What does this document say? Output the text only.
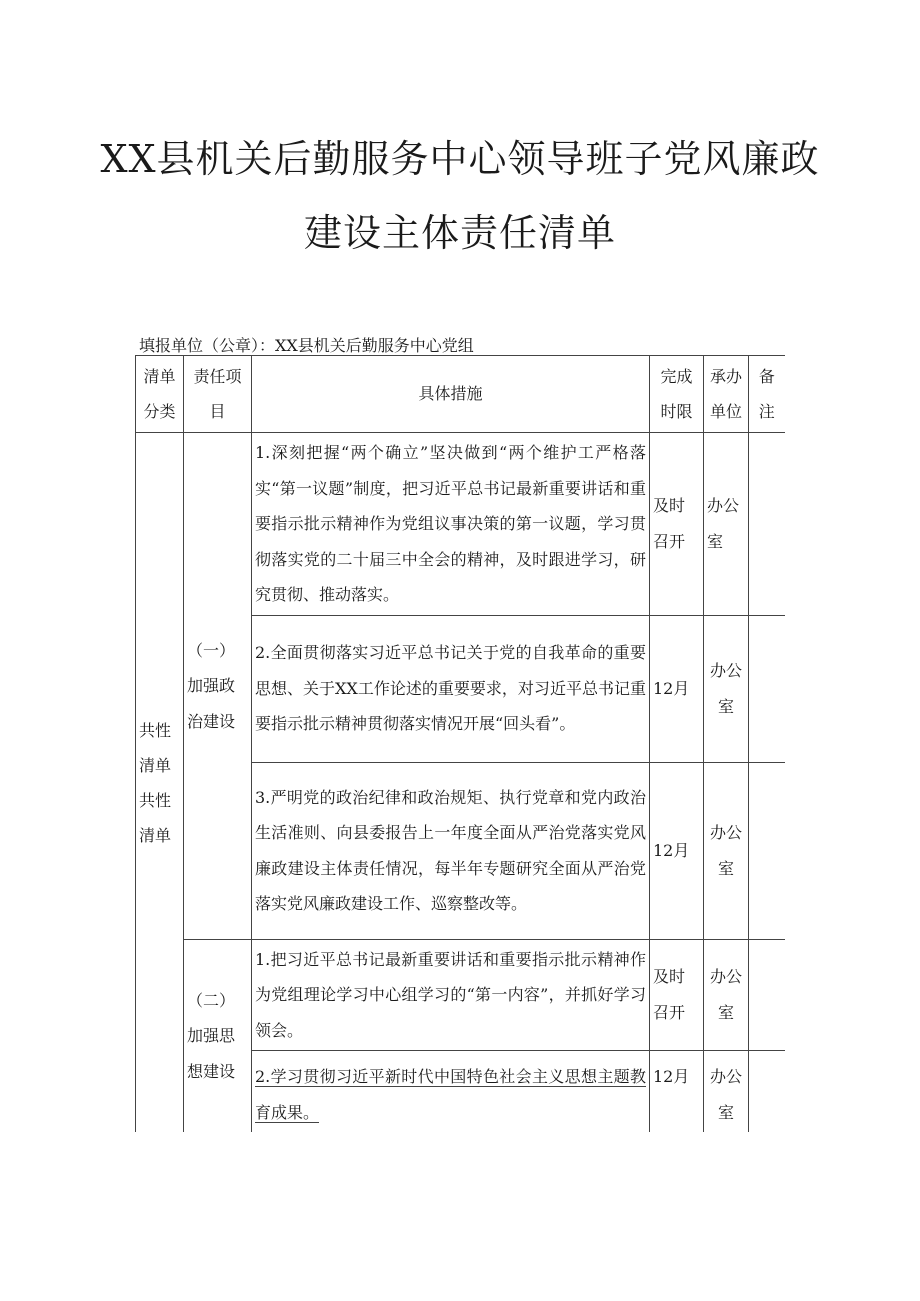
XX县机关后勤服务中心领导班子党风廉政
建设主体责任清单
填报单位（公章）：XX县机关后勤服务中心党组
清单分类	责任项目	具体措施	完成时限	承办单位	备注
共性清单共性清单	（一）加强政治建设	1.深刻把握“两个确立”坚决做到“两个维护工严格落实“第一议题”制度，把习近平总书记最新重要讲话和重要指示批示精神作为党组议事决策的第一议题，学习贯彻落实党的二十届三中全会的精神，及时跟进学习，研究贯彻、推动落实。	及时召开	办公室	
		2.全面贯彻落实习近平总书记关于党的自我革命的重要思想、关于XX工作论述的重要要求，对习近平总书记重要指示批示精神贯彻落实情况开展“回头看”。	12月	办公室	
		3.严明党的政治纪律和政治规矩、执行党章和党内政治生活准则、向县委报告上一年度全面从严治党落实党风廉政建设主体责任情况，每半年专题研究全面从严治党落实党风廉政建设工作、巡察整改等。	12月	办公室	
	（二）加强思想建设	1.把习近平总书记最新重要讲话和重要指示批示精神作为党组理论学习中心组学习的“第一内容”，并抓好学习领会。	及时召开	办公室	
		2.学习贯彻习近平新时代中国特色社会主义思想主题教育成果。	12月	办公室	
